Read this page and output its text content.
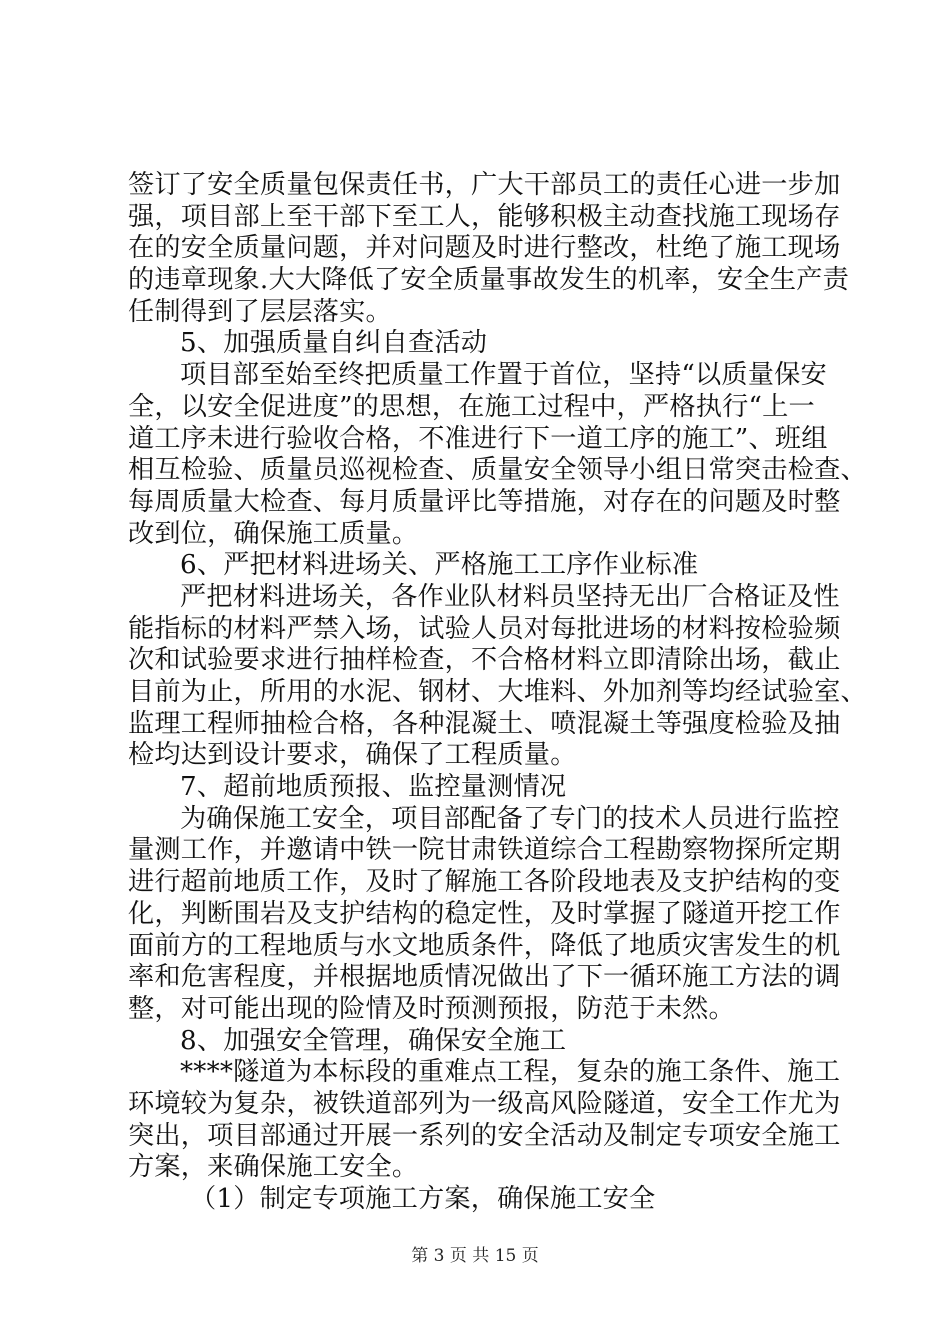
签订了安全质量包保责任书，广大干部员工的责任心进一步加
强，项目部上至干部下至工人，能够积极主动查找施工现场存
在的安全质量问题，并对问题及时进行整改，杜绝了施工现场
的违章现象.大大降低了安全质量事故发生的机率，安全生产责
任制得到了层层落实。
5、加强质量自纠自查活动
项目部至始至终把质量工作置于首位，坚持“以质量保安
全，以安全促进度”的思想，在施工过程中，严格执行“上一
道工序未进行验收合格，不准进行下一道工序的施工”、班组
相互检验、质量员巡视检查、质量安全领导小组日常突击检查、
每周质量大检查、每月质量评比等措施，对存在的问题及时整
改到位，确保施工质量。
6、严把材料进场关、严格施工工序作业标准
严把材料进场关，各作业队材料员坚持无出厂合格证及性
能指标的材料严禁入场，试验人员对每批进场的材料按检验频
次和试验要求进行抽样检查，不合格材料立即清除出场，截止
目前为止，所用的水泥、钢材、大堆料、外加剂等均经试验室、
监理工程师抽检合格，各种混凝土、喷混凝土等强度检验及抽
检均达到设计要求，确保了工程质量。
7、超前地质预报、监控量测情况
为确保施工安全，项目部配备了专门的技术人员进行监控
量测工作，并邀请中铁一院甘肃铁道综合工程勘察物探所定期
进行超前地质工作，及时了解施工各阶段地表及支护结构的变
化，判断围岩及支护结构的稳定性，及时掌握了隧道开挖工作
面前方的工程地质与水文地质条件，降低了地质灾害发生的机
率和危害程度，并根据地质情况做出了下一循环施工方法的调
整，对可能出现的险情及时预测预报，防范于未然。
8、加强安全管理，确保安全施工
****隧道为本标段的重难点工程，复杂的施工条件、施工
环境较为复杂，被铁道部列为一级高风险隧道，安全工作尤为
突出，项目部通过开展一系列的安全活动及制定专项安全施工
方案，来确保施工安全。
（1）制定专项施工方案，确保施工安全
第 3 页 共 15 页
